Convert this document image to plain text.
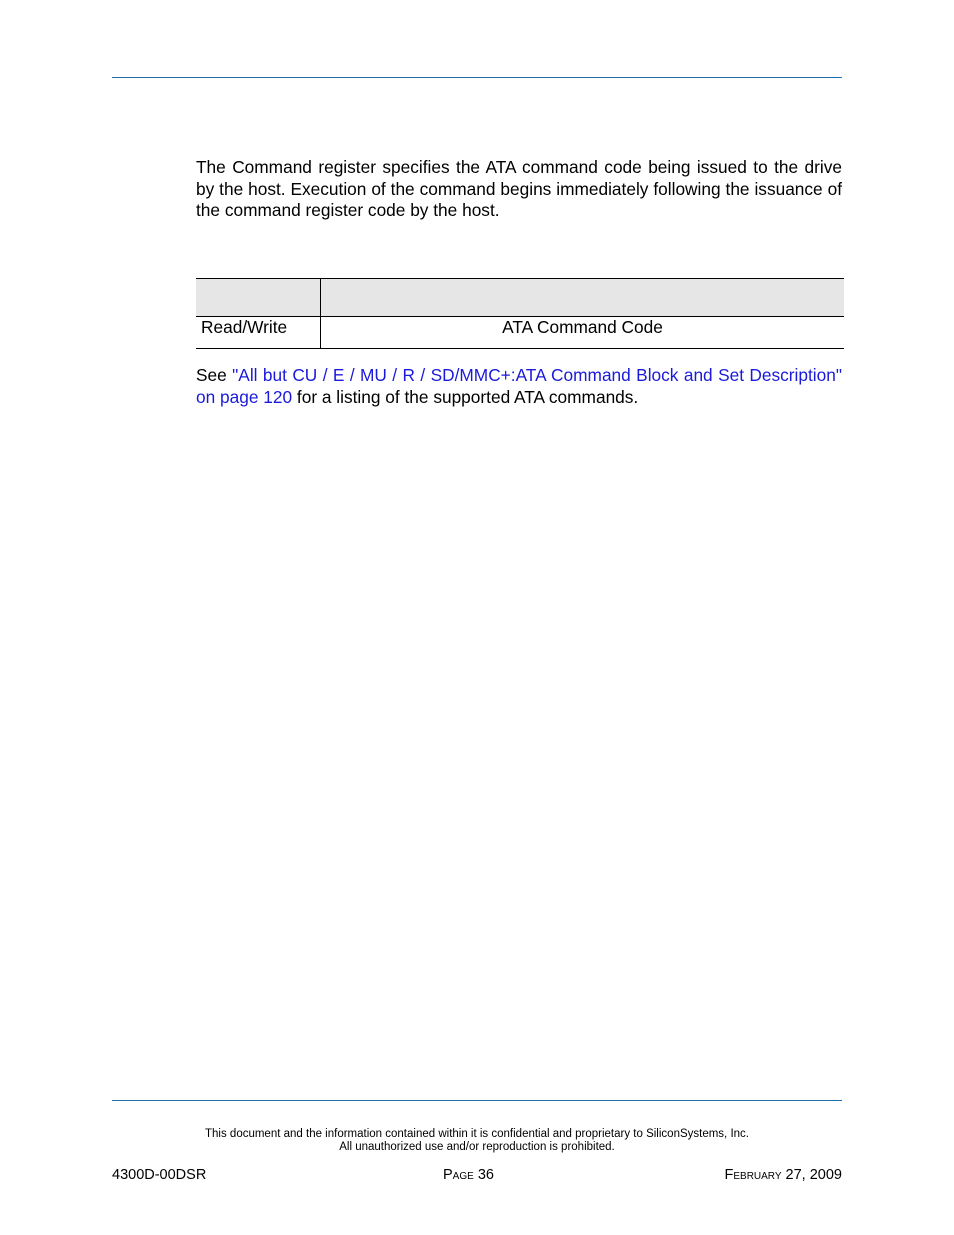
The Command register specifies the ATA command code being issued to the drive by the host. Execution of the command begins immediately following the issuance of the command register code by the host.

Read/Write	ATA Command Code

See "All but CU / E / MU / R / SD/MMC+:ATA Command Block and Set Description" on page 120 for a listing of the supported ATA commands.

This document and the information contained within it is confidential and proprietary to SiliconSystems, Inc.
All unauthorized use and/or reproduction is prohibited.
4300D-00DSR	Page 36	February 27, 2009
